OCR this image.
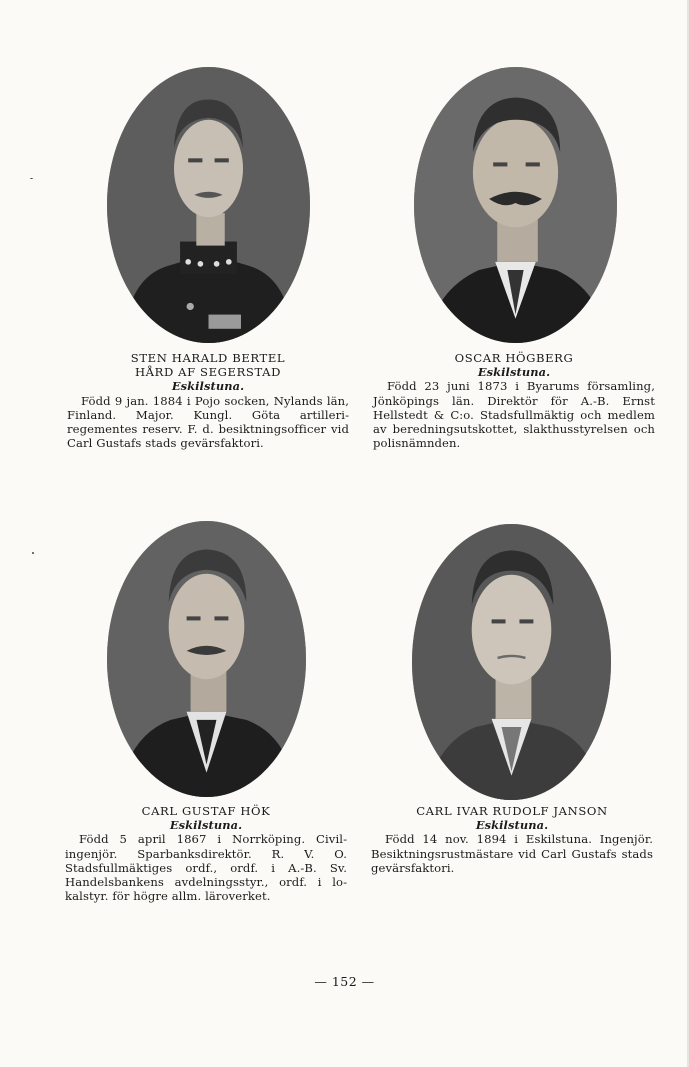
STEN HARALD BERTEL
HÅRD AF SEGERSTAD
Eskilstuna.
Född 9 jan. 1884 i Pojo socken, Nylands län, Finland. Major. Kungl. Göta artilleriregementes reserv. F. d. besiktningsofficer vid Carl Gustafs stads gevärsfaktori.
OSCAR HÖGBERG
Eskilstuna.
Född 23 juni 1873 i Byarums församling, Jönköpings län. Direktör för A.-B. Ernst Hellstedt & C:o. Stadsfullmäktig och medlem av beredningsutskottet, slakthusstyrelsen och polisnämnden.
CARL GUSTAF HÖK
Eskilstuna.
Född 5 april 1867 i Norrköping. Civilingenjör. Sparbanksdirektör. R. V. O. Stadsfullmäktiges ordf., ordf. i A.-B. Sv. Handelsbankens avdelningsstyr., ordf. i lokalstyr. för högre allm. läroverket.
CARL IVAR RUDOLF JANSON
Eskilstuna.
Född 14 nov. 1894 i Eskilstuna. Ingenjör. Besiktningsrustmästare vid Carl Gustafs stads gevärsfaktori.
— 152 —
